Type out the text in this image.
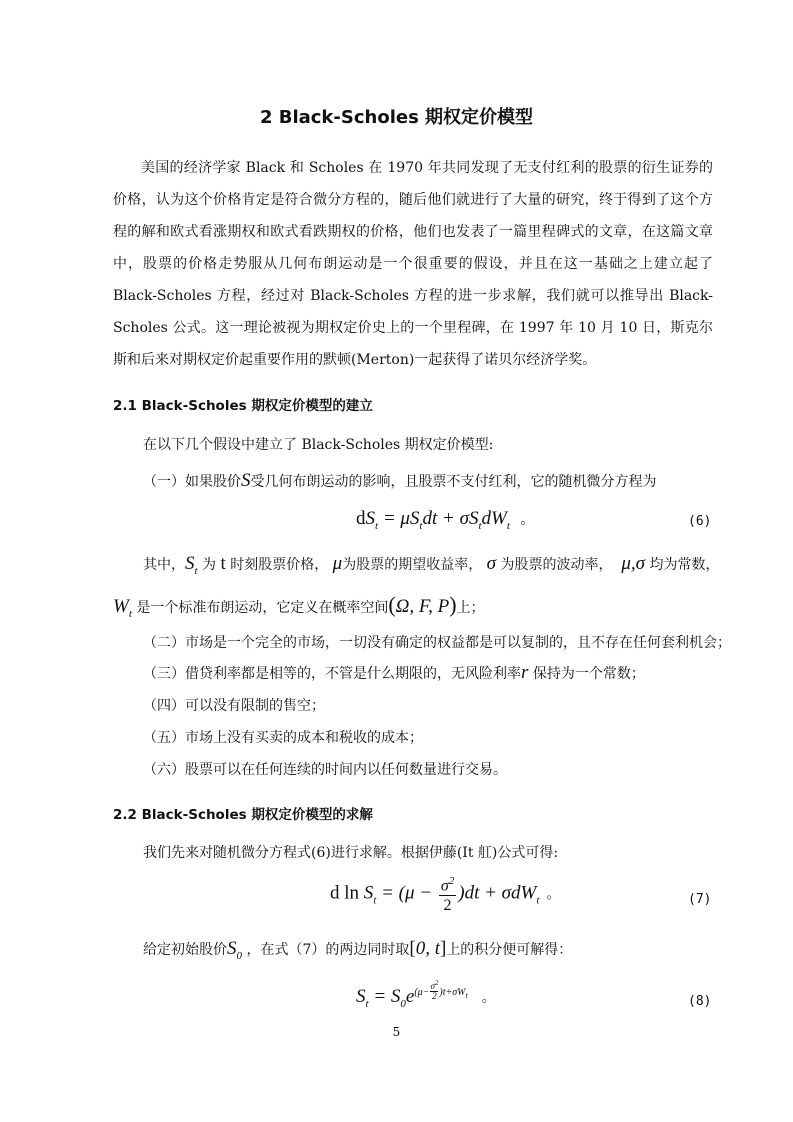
2 Black-Scholes 期权定价模型
美国的经济学家 Black 和 Scholes 在 1970 年共同发现了无支付红利的股票的衍生证券的价格，认为这个价格肯定是符合微分方程的，随后他们就进行了大量的研究，终于得到了这个方程的解和欧式看涨期权和欧式看跌期权的价格，他们也发表了一篇里程碑式的文章，在这篇文章中，股票的价格走势服从几何布朗运动是一个很重要的假设，并且在这一基础之上建立起了 Black-Scholes 方程，经过对 Black-Scholes 方程的进一步求解，我们就可以推导出 Black-Scholes 公式。这一理论被视为期权定价史上的一个里程碑，在 1997 年 10 月 10 日，斯克尔斯和后来对期权定价起重要作用的默顿(Merton)一起获得了诺贝尔经济学奖。
2.1 Black-Scholes 期权定价模型的建立
在以下几个假设中建立了 Black-Scholes 期权定价模型:
（一）如果股价S受几何布朗运动的影响，且股票不支付红利，它的随机微分方程为
$dS_t = \mu S_tdt + \sigma S_tdW_t$ 。	(6)
其中，$S_t$ 为 t 时刻股票价格， μ为股票的期望收益率， σ 为股票的波动率， μ,σ 均为常数，
$W_t$ 是一个标准布朗运动，它定义在概率空间(Ω, F, P)上；
（二）市场是一个完全的市场，一切没有确定的权益都是可以复制的，且不存在任何套利机会；
（三）借贷利率都是相等的，不管是什么期限的，无风险利率r 保持为一个常数；
（四）可以没有限制的售空；
（五）市场上没有买卖的成本和税收的成本；
（六）股票可以在任何连续的时间内以任何数量进行交易。
2.2 Black-Scholes 期权定价模型的求解
我们先来对随机微分方程式(6)进行求解。根据伊藤(It 舡)公式可得:
d $\ln S_t = (\mu - \frac{\sigma^2}{2} )dt + \sigma dW_t$ 。	(7)
给定初始股价$S_0$ ，在式（7）的两边同时取[0, t]上的积分便可解得：
$S_t = S_0e^{(\mu- \frac{\sigma^2}{2})t+\sigma W_t}$ 。	(8)
5
